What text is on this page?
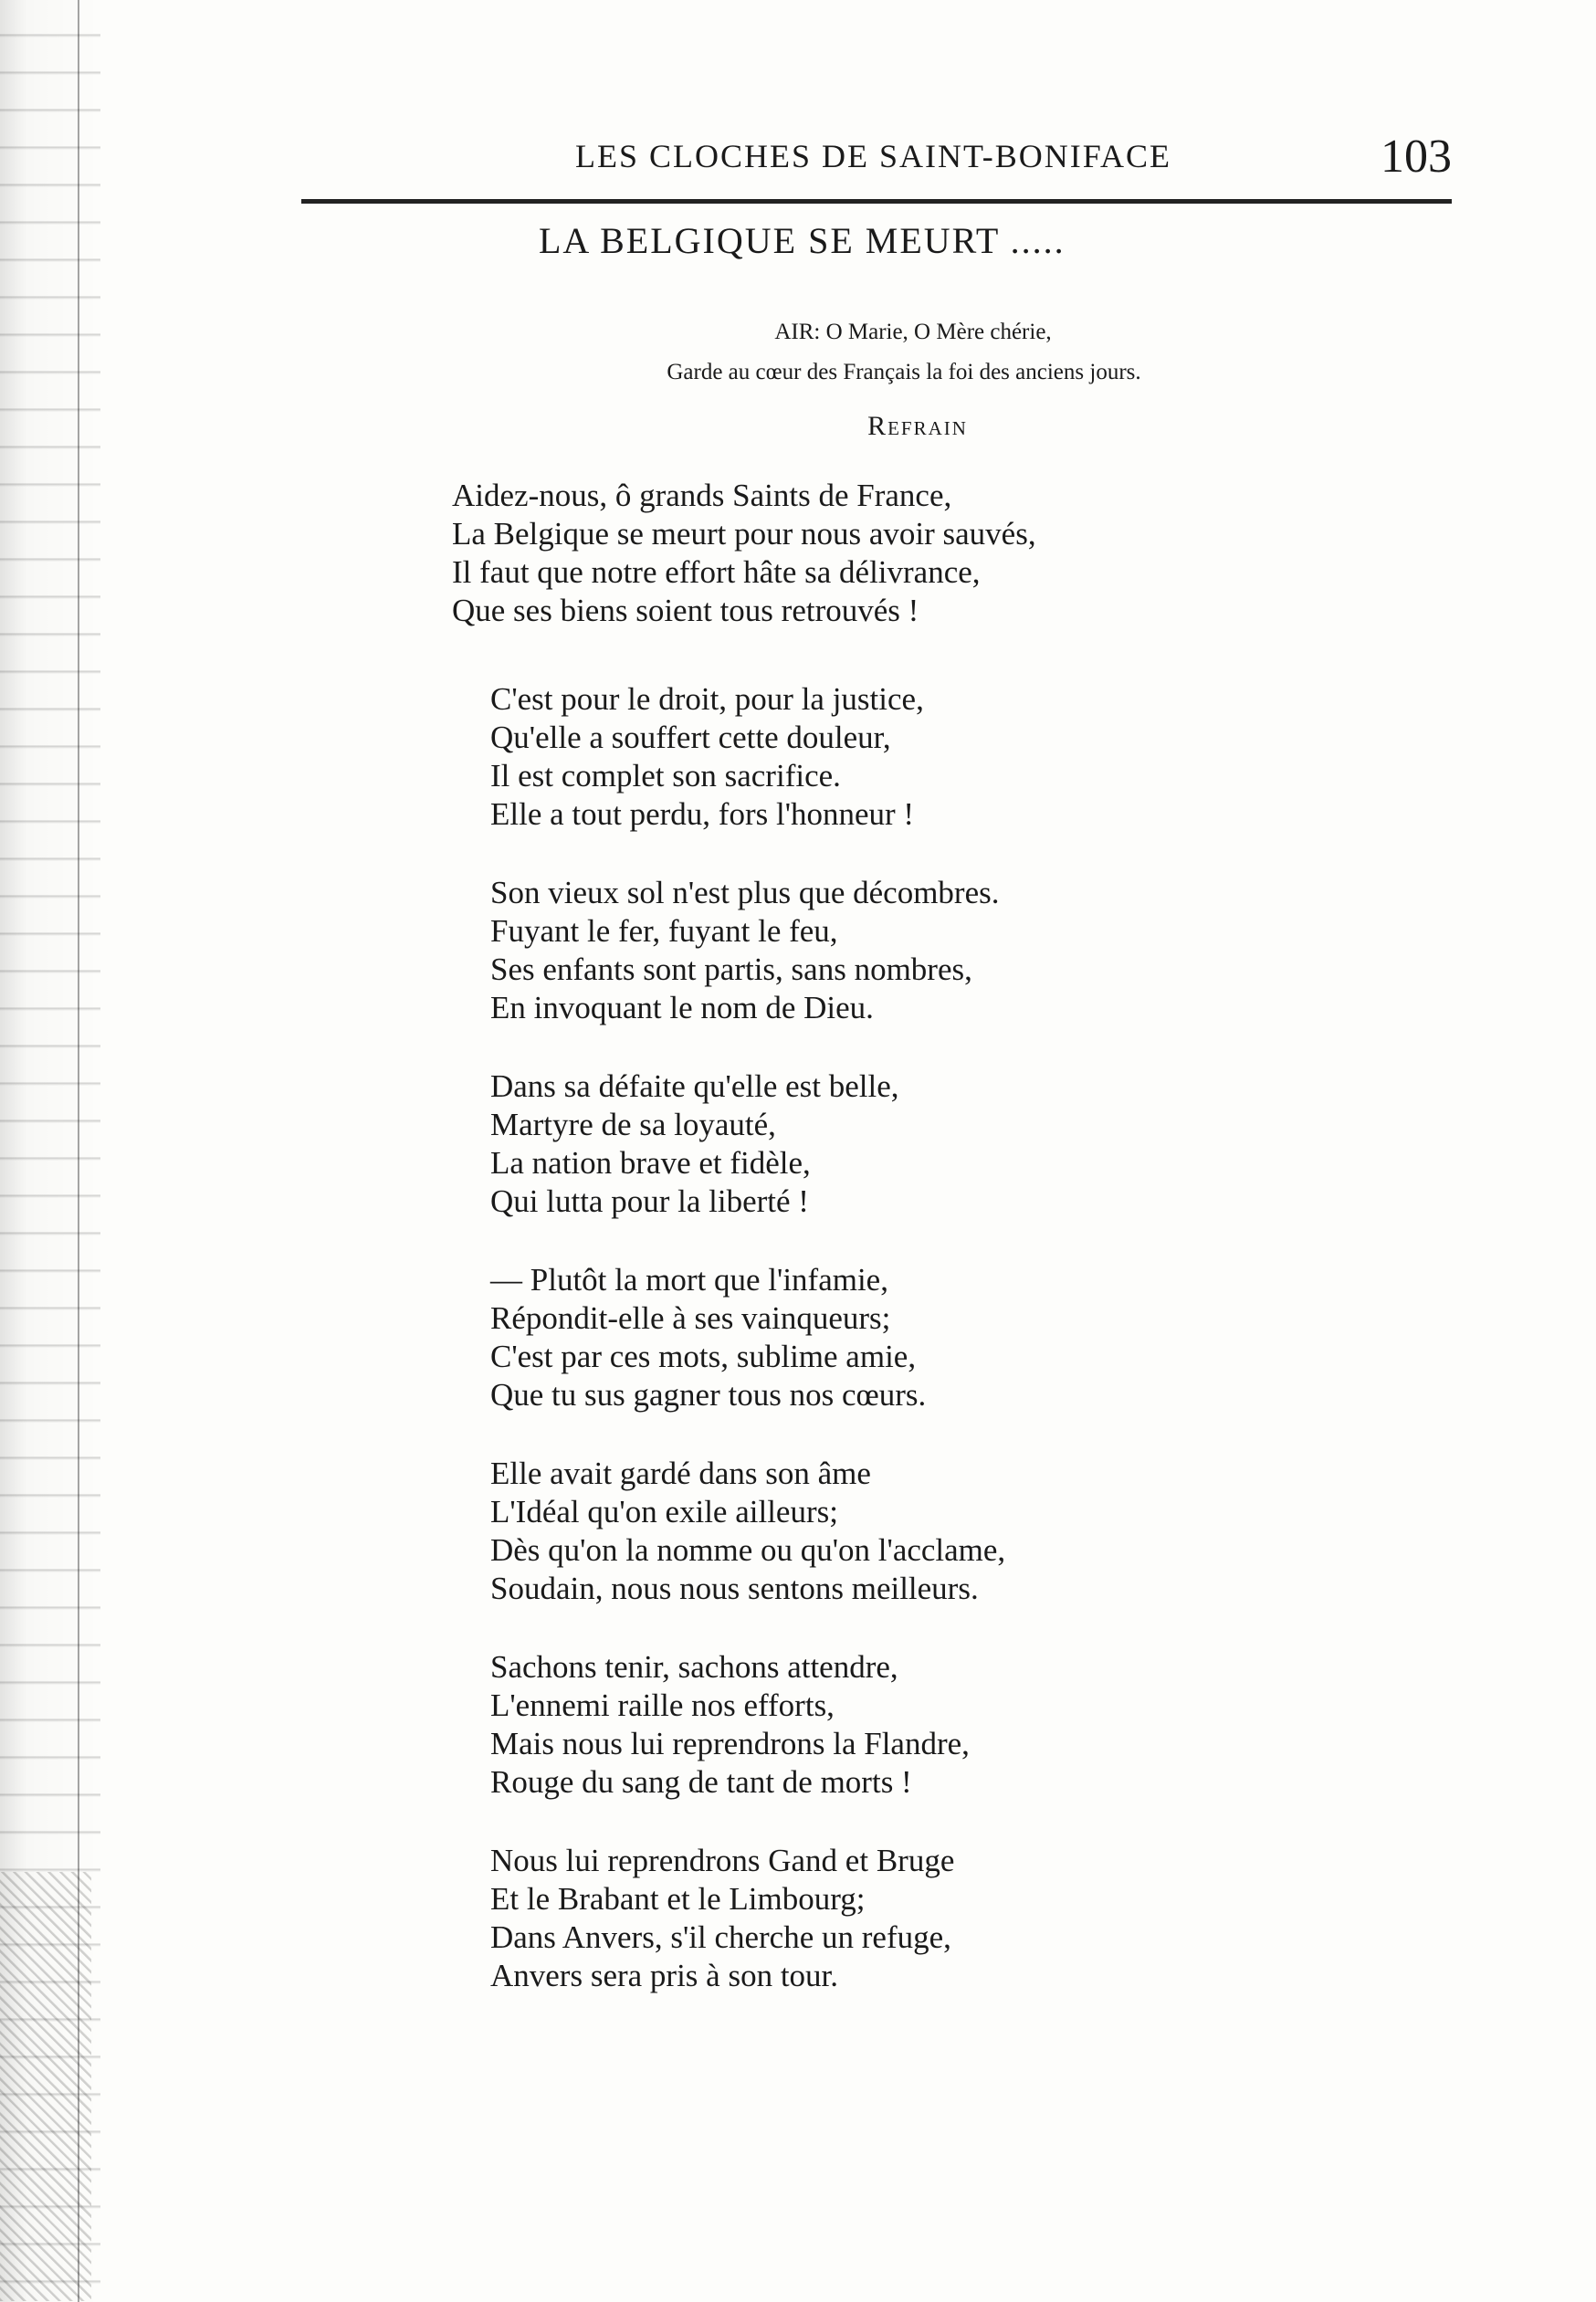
LES CLOCHES DE SAINT-BONIFACE	103
LA BELGIQUE SE MEURT .....
AIR: O Marie, O Mère chérie,
Garde au cœur des Français la foi des anciens jours.
Refrain
Aidez-nous, ô grands Saints de France,
La Belgique se meurt pour nous avoir sauvés,
Il faut que notre effort hâte sa délivrance,
Que ses biens soient tous retrouvés !
C'est pour le droit, pour la justice,
Qu'elle a souffert cette douleur,
Il est complet son sacrifice.
Elle a tout perdu, fors l'honneur !
Son vieux sol n'est plus que décombres.
Fuyant le fer, fuyant le feu,
Ses enfants sont partis, sans nombres,
En invoquant le nom de Dieu.
Dans sa défaite qu'elle est belle,
Martyre de sa loyauté,
La nation brave et fidèle,
Qui lutta pour la liberté !
— Plutôt la mort que l'infamie,
Répondit-elle à ses vainqueurs;
C'est par ces mots, sublime amie,
Que tu sus gagner tous nos cœurs.
Elle avait gardé dans son âme
L'Idéal qu'on exile ailleurs;
Dès qu'on la nomme ou qu'on l'acclame,
Soudain, nous nous sentons meilleurs.
Sachons tenir, sachons attendre,
L'ennemi raille nos efforts,
Mais nous lui reprendrons la Flandre,
Rouge du sang de tant de morts !
Nous lui reprendrons Gand et Bruge
Et le Brabant et le Limbourg;
Dans Anvers, s'il cherche un refuge,
Anvers sera pris à son tour.
